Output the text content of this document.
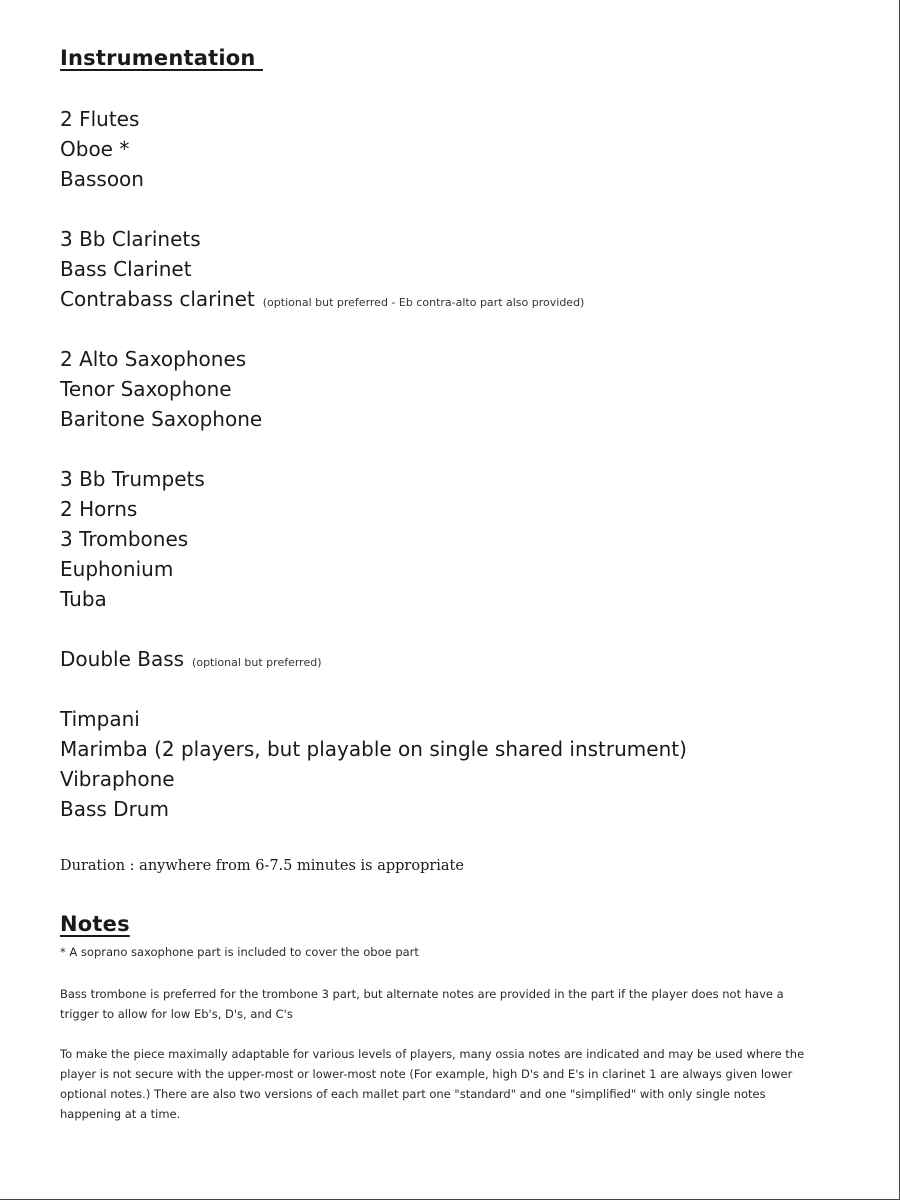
Instrumentation
2 Flutes
Oboe *
Bassoon
3 Bb Clarinets
Bass Clarinet
Contrabass clarinet (optional but preferred - Eb contra-alto part also provided)
2 Alto Saxophones
Tenor Saxophone
Baritone Saxophone
3 Bb Trumpets
2 Horns
3 Trombones
Euphonium
Tuba
Double Bass (optional but preferred)
Timpani
Marimba (2 players, but playable on single shared instrument)
Vibraphone
Bass Drum
Duration : anywhere from 6-7.5 minutes is appropriate
Notes

* A soprano saxophone part is included to cover the oboe part

Bass trombone is preferred for the trombone 3 part, but alternate notes are provided in the part if the player does not have a trigger to allow for low Eb's, D's, and C's

To make the piece maximally adaptable for various levels of players, many ossia notes are indicated and may be used where the player is not secure with the upper-most or lower-most note (For example, high D's and E's in clarinet 1 are always given lower optional notes.) There are also two versions of each mallet part one "standard" and one "simplified" with only single notes happening at a time.
